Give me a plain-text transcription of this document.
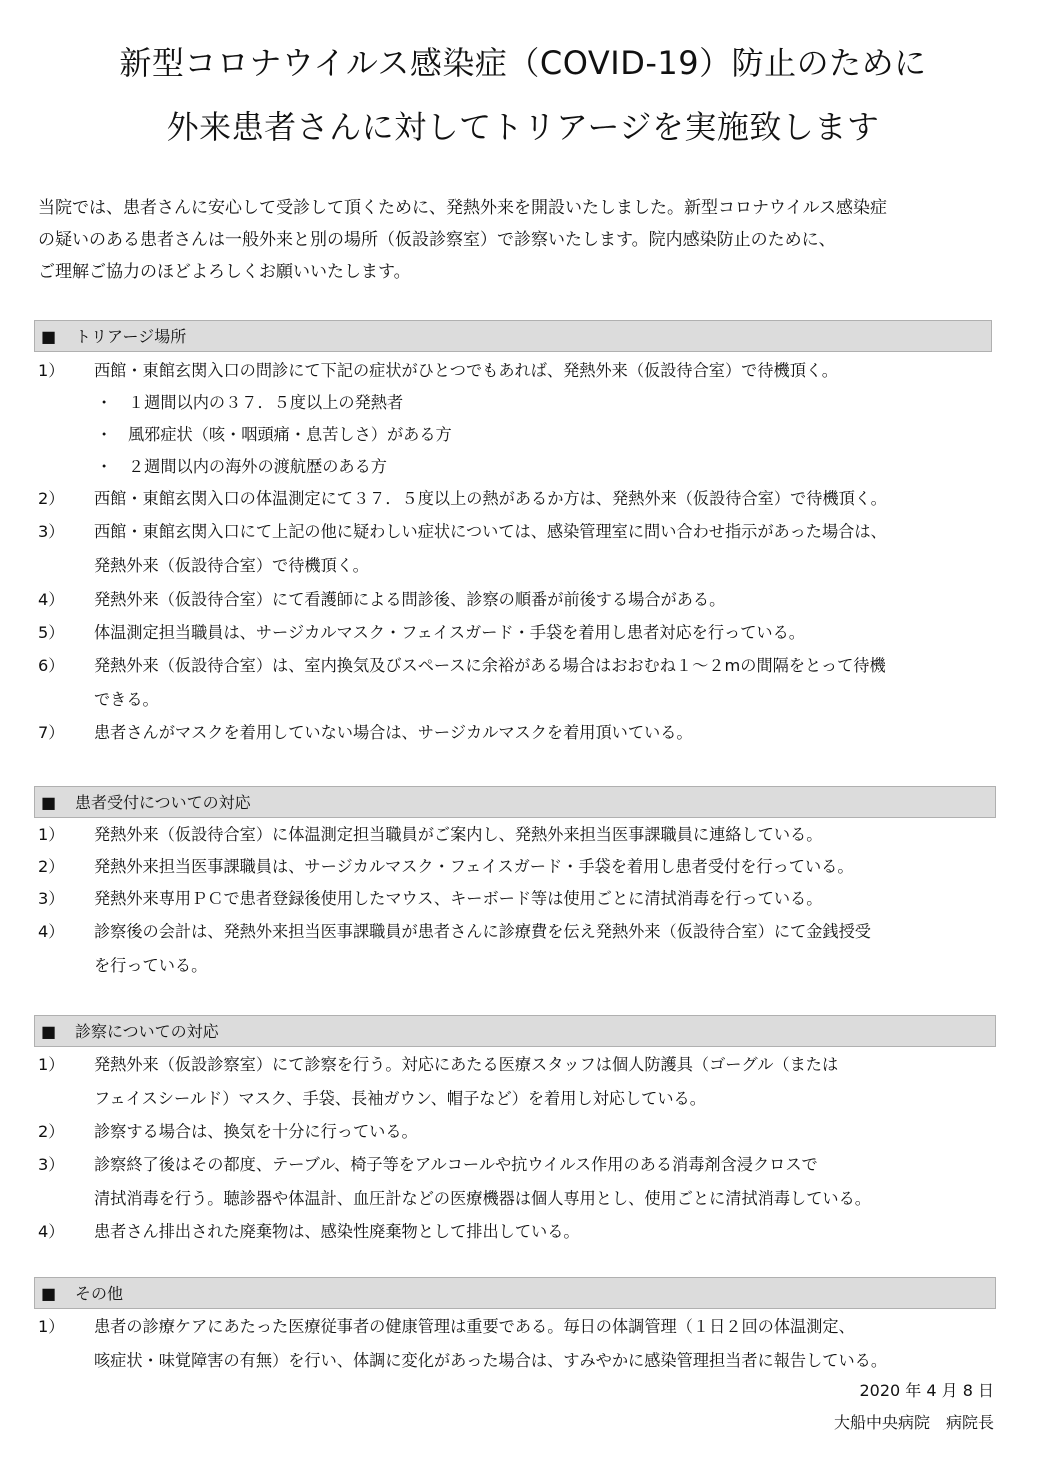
新型コロナウイルス感染症（COVID-19）防止のために
外来患者さんに対してトリアージを実施致します
当院では、患者さんに安心して受診して頂くために、発熱外来を開設いたしました。新型コロナウイルス感染症
の疑いのある患者さんは一般外来と別の場所（仮設診察室）で診察いたします。院内感染防止のために、
ご理解ご協力のほどよろしくお願いいたします。
■ トリアージ場所
1） 西館・東館玄関入口の問診にて下記の症状がひとつでもあれば、発熱外来（仮設待合室）で待機頂く。
・ １週間以内の３７．５度以上の発熱者
・ 風邪症状（咳・咽頭痛・息苦しさ）がある方
・ ２週間以内の海外の渡航歴のある方
2） 西館・東館玄関入口の体温測定にて３７．５度以上の熱があるか方は、発熱外来（仮設待合室）で待機頂く。
3） 西館・東館玄関入口にて上記の他に疑わしい症状については、感染管理室に問い合わせ指示があった場合は、
発熱外来（仮設待合室）で待機頂く。
4） 発熱外来（仮設待合室）にて看護師による問診後、診察の順番が前後する場合がある。
5） 体温測定担当職員は、サージカルマスク・フェイスガード・手袋を着用し患者対応を行っている。
6） 発熱外来（仮設待合室）は、室内換気及びスペースに余裕がある場合はおおむね１～２mの間隔をとって待機
できる。
7） 患者さんがマスクを着用していない場合は、サージカルマスクを着用頂いている。
■ 患者受付についての対応
1） 発熱外来（仮設待合室）に体温測定担当職員がご案内し、発熱外来担当医事課職員に連絡している。
2） 発熱外来担当医事課職員は、サージカルマスク・フェイスガード・手袋を着用し患者受付を行っている。
3） 発熱外来専用ＰＣで患者登録後使用したマウス、キーボード等は使用ごとに清拭消毒を行っている。
4） 診察後の会計は、発熱外来担当医事課職員が患者さんに診療費を伝え発熱外来（仮設待合室）にて金銭授受
を行っている。
■ 診察についての対応
1） 発熱外来（仮設診察室）にて診察を行う。対応にあたる医療スタッフは個人防護具（ゴーグル（または
フェイスシールド）マスク、手袋、長袖ガウン、帽子など）を着用し対応している。
2） 診察する場合は、換気を十分に行っている。
3） 診察終了後はその都度、テーブル、椅子等をアルコールや抗ウイルス作用のある消毒剤含浸クロスで
清拭消毒を行う。聴診器や体温計、血圧計などの医療機器は個人専用とし、使用ごとに清拭消毒している。
4） 患者さん排出された廃棄物は、感染性廃棄物として排出している。
■ その他
1） 患者の診療ケアにあたった医療従事者の健康管理は重要である。毎日の体調管理（１日２回の体温測定、
咳症状・味覚障害の有無）を行い、体調に変化があった場合は、すみやかに感染管理担当者に報告している。
2020 年 4 月 8 日
大船中央病院　病院長
